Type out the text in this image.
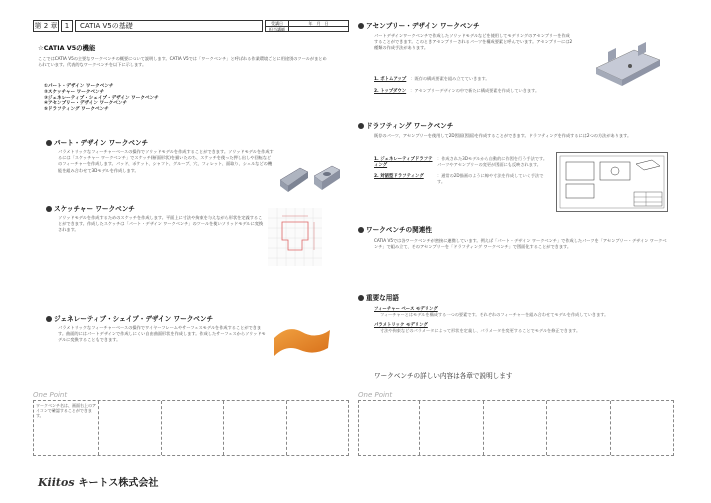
第 2 章	1	CATIA V5の基礎	受講日	年　月　日
担当講師
☆CATIA V5の機能
ここではCATIA V5の主要なワークベンチの概要について説明します。CATIA V5では「ワークベンチ」と呼ばれる作業環境ごとに用途別のツールがまとめられています。代表的なワークベンチを以下に示します。
①パート・デザイン ワークベンチ
②スケッチャー ワークベンチ
③ジェネレーティブ・シェイプ・デザイン ワークベンチ
④アセンブリー・デザイン ワークベンチ
⑤ドラフティング ワークベンチ
パート・デザイン ワークベンチ
パラメトリックなフィーチャーベースの操作でソリッドモデルを作成することができます。ソリッドモデルを作成するには「スケッチャー ワークベンチ」でスケッチ(断面形状)を描いたのち、スケッチを使った押し出しや回転などのフィーチャーを作成します。パッド、ポケット、シャフト、グルーブ、穴、フィレット、面取り、シェルなどの機能を組み合わせて3Dモデルを作成します。
スケッチャー ワークベンチ
ソリッドモデルを作成するためのスケッチを作成します。平面上に寸法や拘束を与えながら形状を定義することができます。作成したスケッチは「パート・デザイン ワークベンチ」のツールを使いソリッドモデルに変換されます。
ジェネレーティブ・シェイプ・デザイン ワークベンチ
パラメトリックなフィーチャーベースの操作でワイヤーフレームやサーフェスモデルを作成することができます。曲面的にはパートデザインで作成しにくい自由曲面形状を作成します。作成したサーフェスからソリッドモデルに変換することもできます。
アセンブリー・デザイン ワークベンチ
パートデザインワークベンチで作成したソリッドモデルなどを使用してモデリングのアセンブリーを作成することができます。このときアセンブリーされるパーツを構成要素と呼んでいます。アセンブリーには2種類の作成手法があります。
1. ボトムアップ ：既存の構成要素を組み立てていきます。
2. トップダウン ：アセンブリーデザインの中で新たに構成要素を作成していきます。
ドラフティング ワークベンチ
既存のパーツ、アセンブリーを使用して2D図面(図面)を作成することができます。ドラフティングを作成するには2つの方法があります。
1. ジェネレーティブドラフティング
：作成された3Dモデルから自動的に作図を行う手法です。パーツやアセンブリーの変更が図面にも反映されます。
2. 対話型ドラフティング	：通常の2D描画のように線や寸法を作成していく手法です。
ワークベンチの関連性
CATIA V5では各ワークベンチが密接に連携しています。例えば「パート・デザイン ワークベンチ」で作成したパーツを「アセンブリー・デザイン ワークベンチ」で組み立て、そのアセンブリーを「ドラフティング ワークベンチ」で図面化することができます。
重要な用語
フィーチャー ベース モデリング
フィーチャーとはモデルを構成する一つの要素です。それぞれのフィーチャーを組み合わせてモデルを作成していきます。
パラメトリック モデリング
寸法や拘束などのパラメータによって形状を定義し、パラメータを変更することでモデルを修正できます。
ワークベンチの詳しい内容は各章で説明します
One Point
ワークベンチ名は、画面右上のアイコンで確認することができます。
One Point
Kiitos キートス株式会社
